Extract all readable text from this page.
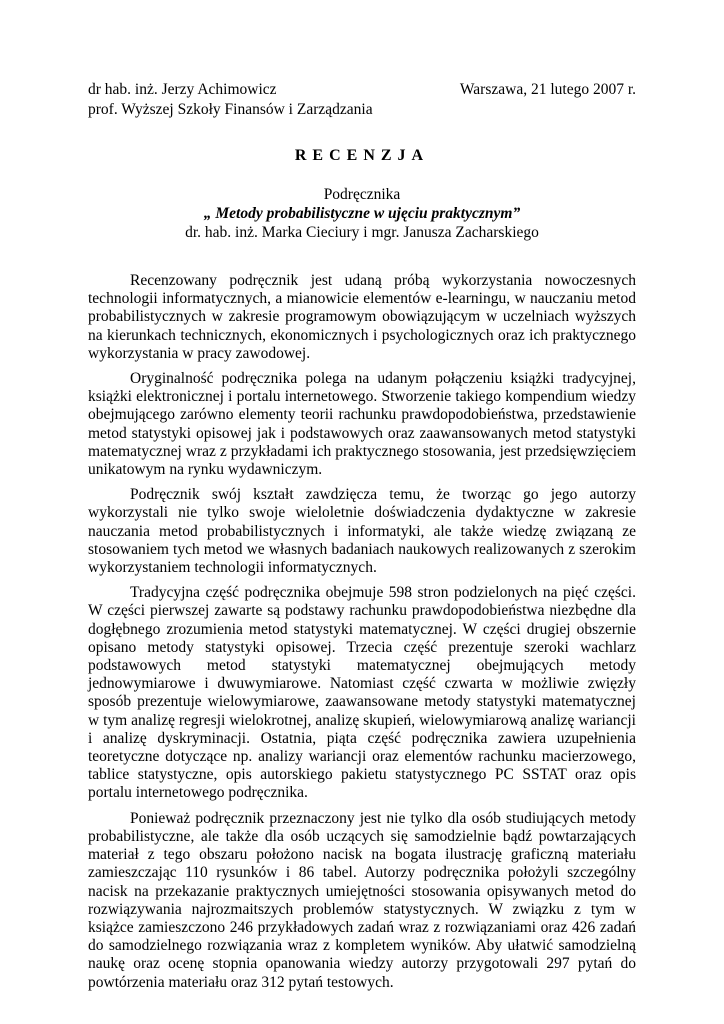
dr hab. inż. Jerzy Achimowicz	Warszawa, 21 lutego 2007 r.
prof. Wyższej Szkoły Finansów i Zarządzania
RECENZJA
Podręcznika
„ Metody probabilistyczne w ujęciu praktycznym”
dr. hab. inż. Marka Cieciury i mgr. Janusza Zacharskiego

Recenzowany podręcznik jest udaną próbą wykorzystania nowoczesnych technologii informatycznych, a mianowicie elementów e-learningu, w nauczaniu metod probabilistycznych w zakresie programowym obowiązującym w uczelniach wyższych na kierunkach technicznych, ekonomicznych i psychologicznych oraz ich praktycznego wykorzystania w pracy zawodowej.

Oryginalność podręcznika polega na udanym połączeniu książki tradycyjnej, książki elektronicznej i portalu internetowego. Stworzenie takiego kompendium wiedzy obejmującego zarówno elementy teorii rachunku prawdopodobieństwa, przedstawienie metod statystyki opisowej jak i podstawowych oraz zaawansowanych metod statystyki matematycznej wraz z przykładami ich praktycznego stosowania, jest przedsięwzięciem unikatowym na rynku wydawniczym.

Podręcznik swój kształt zawdzięcza temu, że tworząc go jego autorzy wykorzystali nie tylko swoje wieloletnie doświadczenia dydaktyczne w zakresie nauczania metod probabilistycznych i informatyki, ale także wiedzę związaną ze stosowaniem tych metod we własnych badaniach naukowych realizowanych z szerokim wykorzystaniem technologii informatycznych.

Tradycyjna część podręcznika obejmuje 598 stron podzielonych na pięć części. W części pierwszej zawarte są podstawy rachunku prawdopodobieństwa niezbędne dla dogłębnego zrozumienia metod statystyki matematycznej. W części drugiej obszernie opisano metody statystyki opisowej. Trzecia część prezentuje szeroki wachlarz podstawowych metod statystyki matematycznej obejmujących metody jednowymiarowe i dwuwymiarowe. Natomiast część czwarta w możliwie zwięzły sposób prezentuje wielowymiarowe, zaawansowane metody statystyki matematycznej w tym analizę regresji wielokrotnej, analizę skupień, wielowymiarową analizę wariancji i analizę dyskryminacji. Ostatnia, piąta część podręcznika zawiera uzupełnienia teoretyczne dotyczące np. analizy wariancji oraz elementów rachunku macierzowego, tablice statystyczne, opis autorskiego pakietu statystycznego PC SSTAT oraz opis portalu internetowego podręcznika.

Ponieważ podręcznik przeznaczony jest nie tylko dla osób studiujących metody probabilistyczne, ale także dla osób uczących się samodzielnie bądź powtarzających materiał z tego obszaru położono nacisk na bogata ilustrację graficzną materiału zamieszczając 110 rysunków i 86 tabel. Autorzy podręcznika położyli szczególny nacisk na przekazanie praktycznych umiejętności stosowania opisywanych metod do rozwiązywania najrozmaitszych problemów statystycznych. W związku z tym w książce zamieszczono 246 przykładowych zadań wraz z rozwiązaniami oraz 426 zadań do samodzielnego rozwiązania wraz z kompletem wyników. Aby ułatwić samodzielną naukę oraz ocenę stopnia opanowania wiedzy autorzy przygotowali 297 pytań do powtórzenia materiału oraz 312 pytań testowych.
